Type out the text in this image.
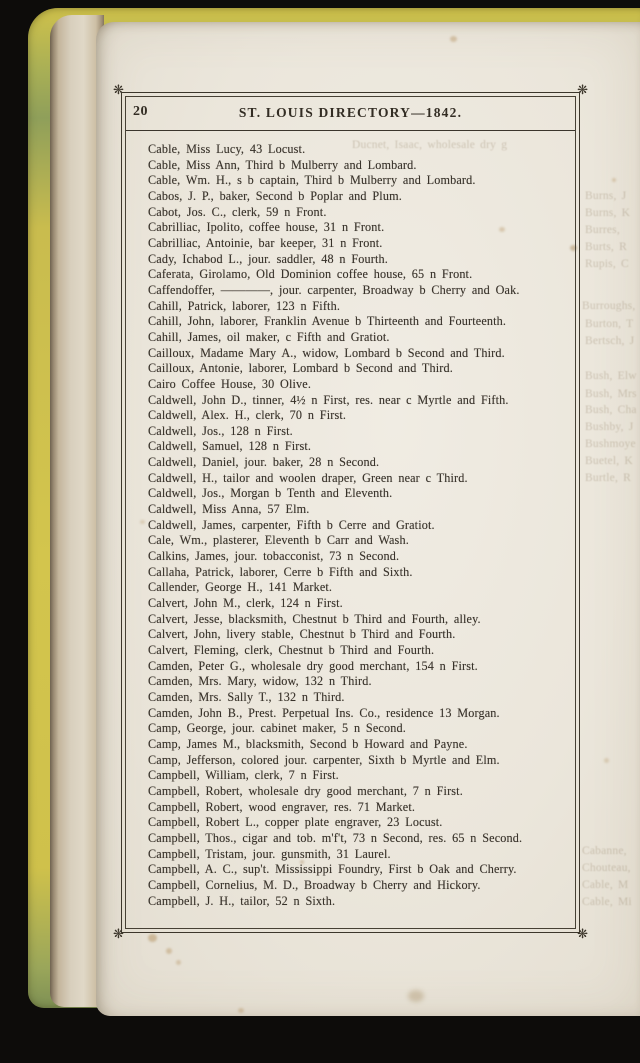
Ducnet, Isaac, wholesale dry g
Burns, J
Burns, K
Burres,
Burts, R
Rupis, C
Burroughs,
Burton, T
Bertsch, J
Bush, Elw
Bush, Mrs
Bush, Cha
Bushby, J
Bushmoye
Buetel, K
Burtle, R
Cabanne,
Chouteau,
Cable, M
Cable, Mi
❋	❋
❋	❋
20	ST. LOUIS DIRECTORY—1842.
Cable, Miss Lucy, 43 Locust.
Cable, Miss Ann, Third b Mulberry and Lombard.
Cable, Wm. H., s b captain, Third b Mulberry and Lombard.
Cabos, J. P., baker, Second b Poplar and Plum.
Cabot, Jos. C., clerk, 59 n Front.
Cabrilliac, Ipolito, coffee house, 31 n Front.
Cabrilliac, Antoinie, bar keeper, 31 n Front.
Cady, Ichabod L., jour. saddler, 48 n Fourth.
Caferata, Girolamo, Old Dominion coffee house, 65 n Front.
Caffendoffer, ————, jour. carpenter, Broadway b Cherry and Oak.
Cahill, Patrick, laborer, 123 n Fifth.
Cahill, John, laborer, Franklin Avenue b Thirteenth and Fourteenth.
Cahill, James, oil maker, c Fifth and Gratiot.
Cailloux, Madame Mary A., widow, Lombard b Second and Third.
Cailloux, Antonie, laborer, Lombard b Second and Third.
Cairo Coffee House, 30 Olive.
Caldwell, John D., tinner, 4½ n First, res. near c Myrtle and Fifth.
Caldwell, Alex. H., clerk, 70 n First.
Caldwell, Jos., 128 n First.
Caldwell, Samuel, 128 n First.
Caldwell, Daniel, jour. baker, 28 n Second.
Caldwell, H., tailor and woolen draper, Green near c Third.
Caldwell, Jos., Morgan b Tenth and Eleventh.
Caldwell, Miss Anna, 57 Elm.
Caldwell, James, carpenter, Fifth b Cerre and Gratiot.
Cale, Wm., plasterer, Eleventh b Carr and Wash.
Calkins, James, jour. tobacconist, 73 n Second.
Callaha, Patrick, laborer, Cerre b Fifth and Sixth.
Callender, George H., 141 Market.
Calvert, John M., clerk, 124 n First.
Calvert, Jesse, blacksmith, Chestnut b Third and Fourth, alley.
Calvert, John, livery stable, Chestnut b Third and Fourth.
Calvert, Fleming, clerk, Chestnut b Third and Fourth.
Camden, Peter G., wholesale dry good merchant, 154 n First.
Camden, Mrs. Mary, widow, 132 n Third.
Camden, Mrs. Sally T., 132 n Third.
Camden, John B., Prest. Perpetual Ins. Co., residence 13 Morgan.
Camp, George, jour. cabinet maker, 5 n Second.
Camp, James M., blacksmith, Second b Howard and Payne.
Camp, Jefferson, colored jour. carpenter, Sixth b Myrtle and Elm.
Campbell, William, clerk, 7 n First.
Campbell, Robert, wholesale dry good merchant, 7 n First.
Campbell, Robert, wood engraver, res. 71 Market.
Campbell, Robert L., copper plate engraver, 23 Locust.
Campbell, Thos., cigar and tob. m'f't, 73 n Second, res. 65 n Second.
Campbell, Tristam, jour. gunsmith, 31 Laurel.
Campbell, A. C., sup't. Mississippi Foundry, First b Oak and Cherry.
Campbell, Cornelius, M. D., Broadway b Cherry and Hickory.
Campbell, J. H., tailor, 52 n Sixth.
